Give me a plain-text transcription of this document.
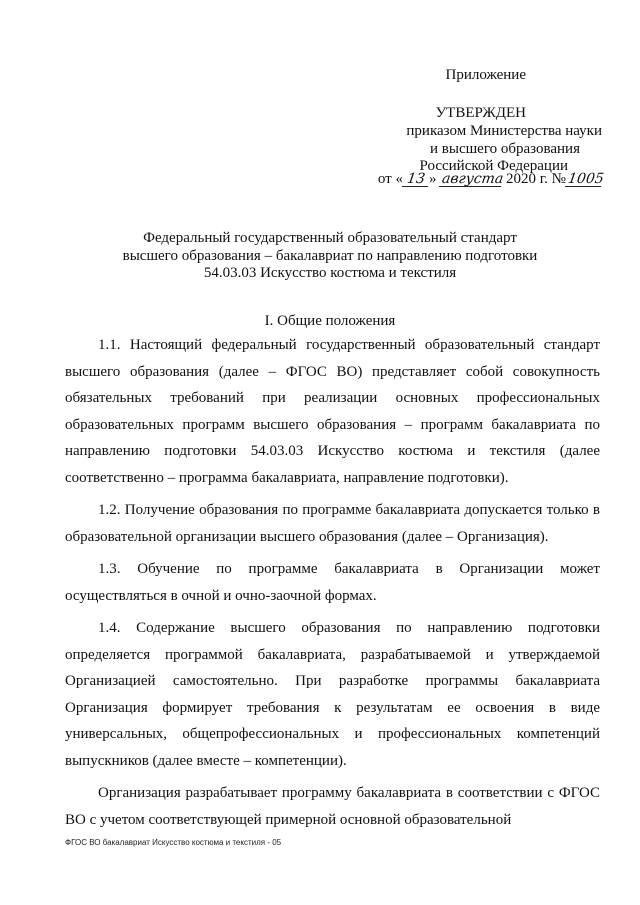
Приложение
УТВЕРЖДЕН
приказом Министерства науки
и высшего образования
Российской Федерации
от « 13 » августа 2020 г. №1005
Федеральный государственный образовательный стандарт
высшего образования – бакалавриат по направлению подготовки
54.03.03 Искусство костюма и текстиля
I. Общие положения

1.1. Настоящий федеральный государственный образовательный стандарт высшего образования (далее – ФГОС ВО) представляет собой совокупность обязательных требований при реализации основных профессиональных образовательных программ высшего образования – программ бакалавриата по направлению подготовки 54.03.03 Искусство костюма и текстиля (далее соответственно – программа бакалавриата, направление подготовки).

1.2. Получение образования по программе бакалавриата допускается только в образовательной организации высшего образования (далее – Организация).

1.3. Обучение по программе бакалавриата в Организации может осуществляться в очной и очно-заочной формах.

1.4. Содержание высшего образования по направлению подготовки определяется программой бакалавриата, разрабатываемой и утверждаемой Организацией самостоятельно. При разработке программы бакалавриата Организация формирует требования к результатам ее освоения в виде универсальных, общепрофессиональных и профессиональных компетенций выпускников (далее вместе – компетенции).

Организация разрабатывает программу бакалавриата в соответствии с ФГОС ВО с учетом соответствующей примерной основной образовательной

ФГОС ВО бакалавриат Искусство костюма и текстиля - 05
